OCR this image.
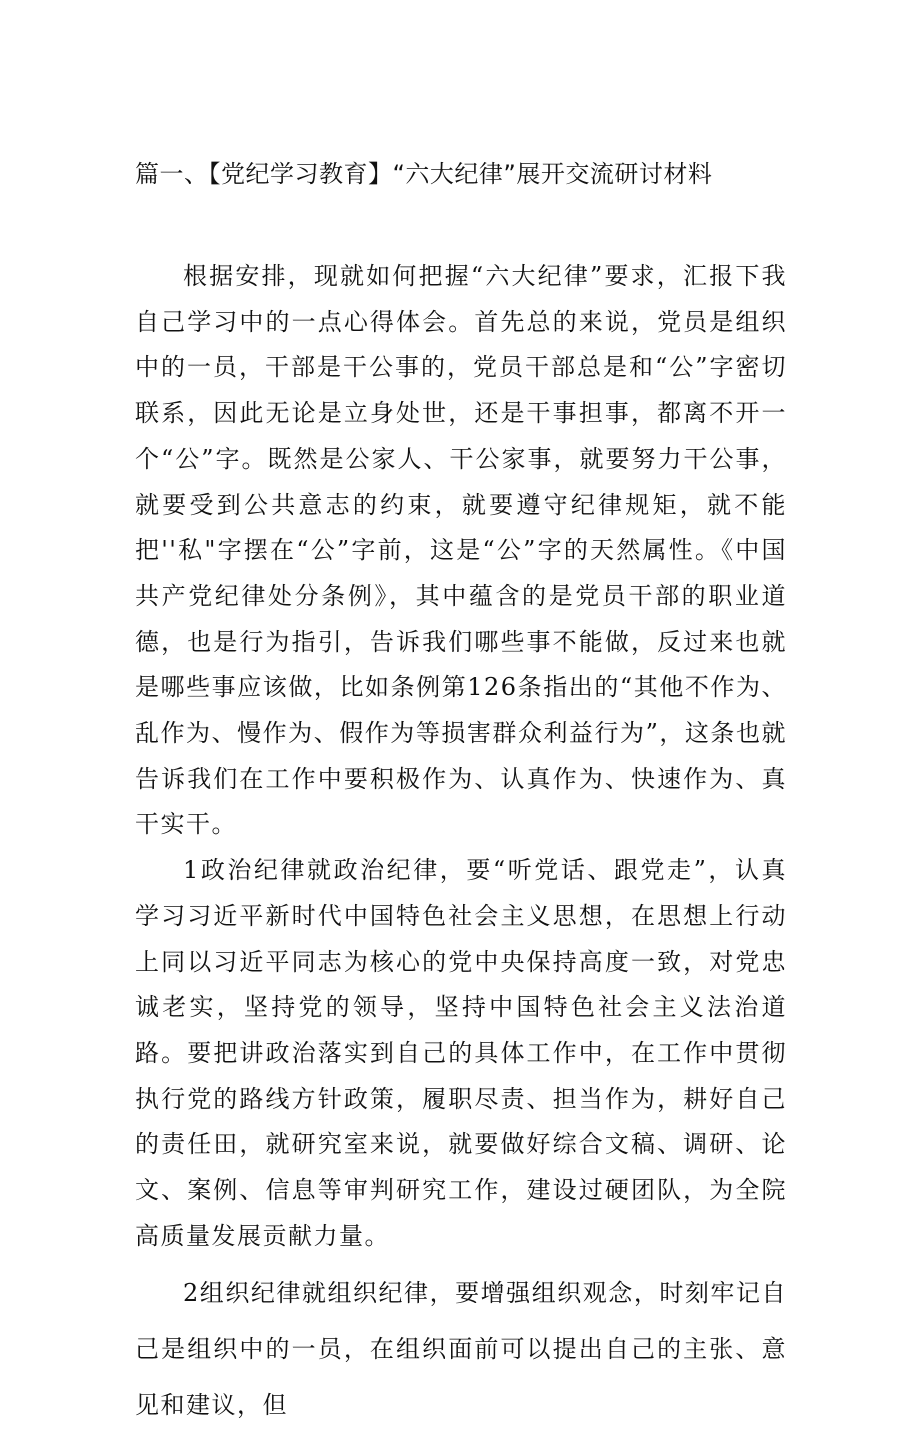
篇一、【党纪学习教育】“六大纪律”展开交流研讨材料

根据安排，现就如何把握“六大纪律”要求，汇报下我自己学习中的一点心得体会。首先总的来说，党员是组织中的一员，干部是干公事的，党员干部总是和“公”字密切联系，因此无论是立身处世，还是干事担事，都离不开一个“公”字。既然是公家人、干公家事，就要努力干公事，就要受到公共意志的约束，就要遵守纪律规矩，就不能把''私"字摆在“公”字前，这是“公”字的天然属性。《中国共产党纪律处分条例》，其中蕴含的是党员干部的职业道德，也是行为指引，告诉我们哪些事不能做，反过来也就是哪些事应该做，比如条例第126条指出的“其他不作为、乱作为、慢作为、假作为等损害群众利益行为”，这条也就告诉我们在工作中要积极作为、认真作为、快速作为、真干实干。

1政治纪律就政治纪律，要“听党话、跟党走”，认真学习习近平新时代中国特色社会主义思想，在思想上行动上同以习近平同志为核心的党中央保持高度一致，对党忠诚老实，坚持党的领导，坚持中国特色社会主义法治道路。要把讲政治落实到自己的具体工作中，在工作中贯彻执行党的路线方针政策，履职尽责、担当作为，耕好自己的责任田，就研究室来说，就要做好综合文稿、调研、论文、案例、信息等审判研究工作，建设过硬团队，为全院高质量发展贡献力量。

2组织纪律就组织纪律，要增强组织观念，时刻牢记自己是组织中的一员，在组织面前可以提出自己的主张、意见和建议，但
